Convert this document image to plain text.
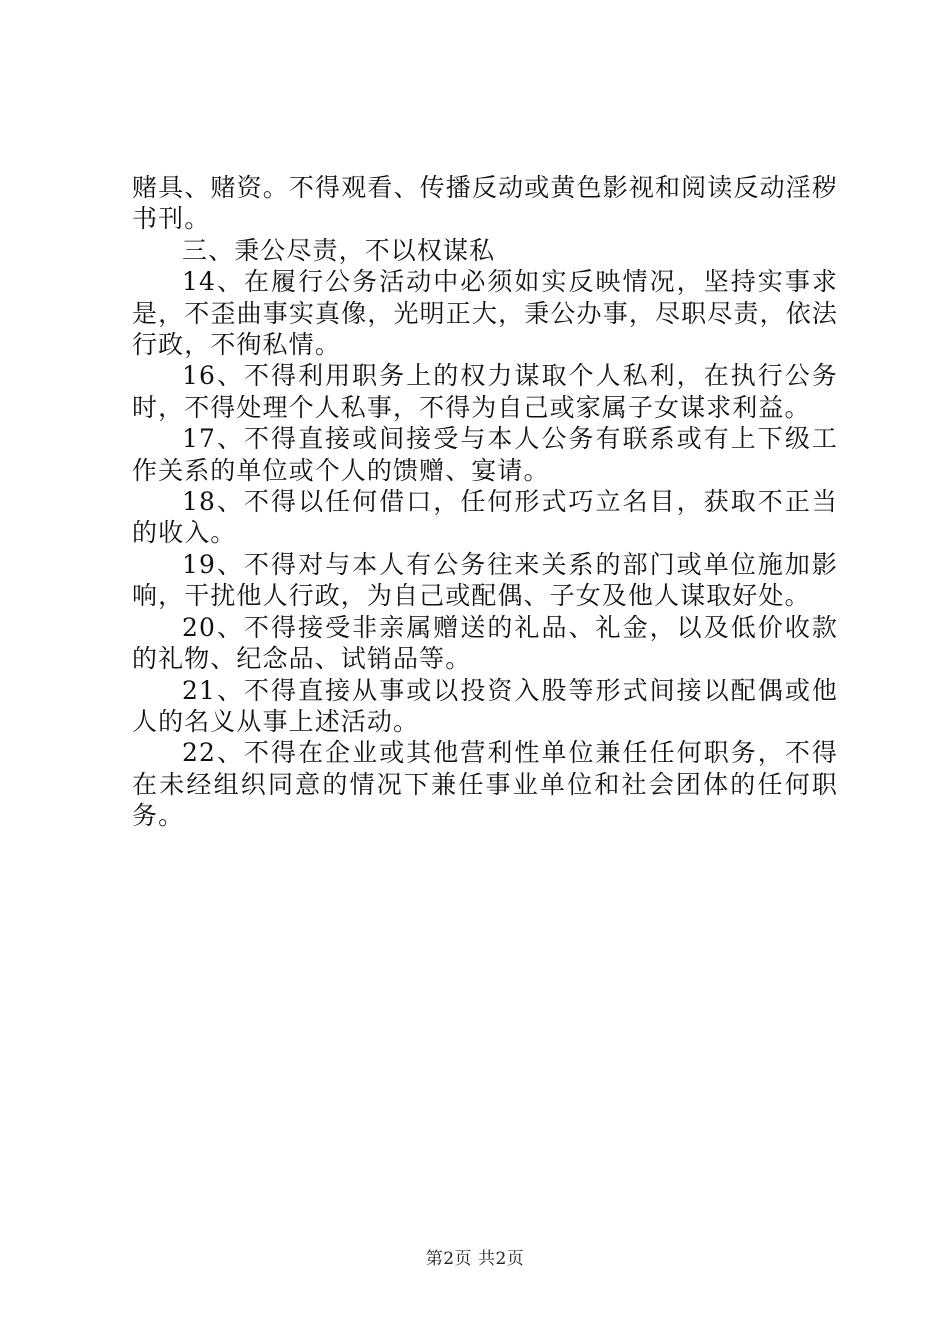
赌具、赌资。不得观看、传播反动或黄色影视和阅读反动淫秽书刊。

三、秉公尽责，不以权谋私

14、在履行公务活动中必须如实反映情况，坚持实事求是，不歪曲事实真像，光明正大，秉公办事，尽职尽责，依法行政，不徇私情。

16、不得利用职务上的权力谋取个人私利，在执行公务时，不得处理个人私事，不得为自己或家属子女谋求利益。

17、不得直接或间接受与本人公务有联系或有上下级工作关系的单位或个人的馈赠、宴请。

18、不得以任何借口，任何形式巧立名目，获取不正当的收入。

19、不得对与本人有公务往来关系的部门或单位施加影响，干扰他人行政，为自己或配偶、子女及他人谋取好处。

20、不得接受非亲属赠送的礼品、礼金，以及低价收款的礼物、纪念品、试销品等。

21、不得直接从事或以投资入股等形式间接以配偶或他人的名义从事上述活动。

22、不得在企业或其他营利性单位兼任任何职务，不得在未经组织同意的情况下兼任事业单位和社会团体的任何职务。

第2页 共2页
